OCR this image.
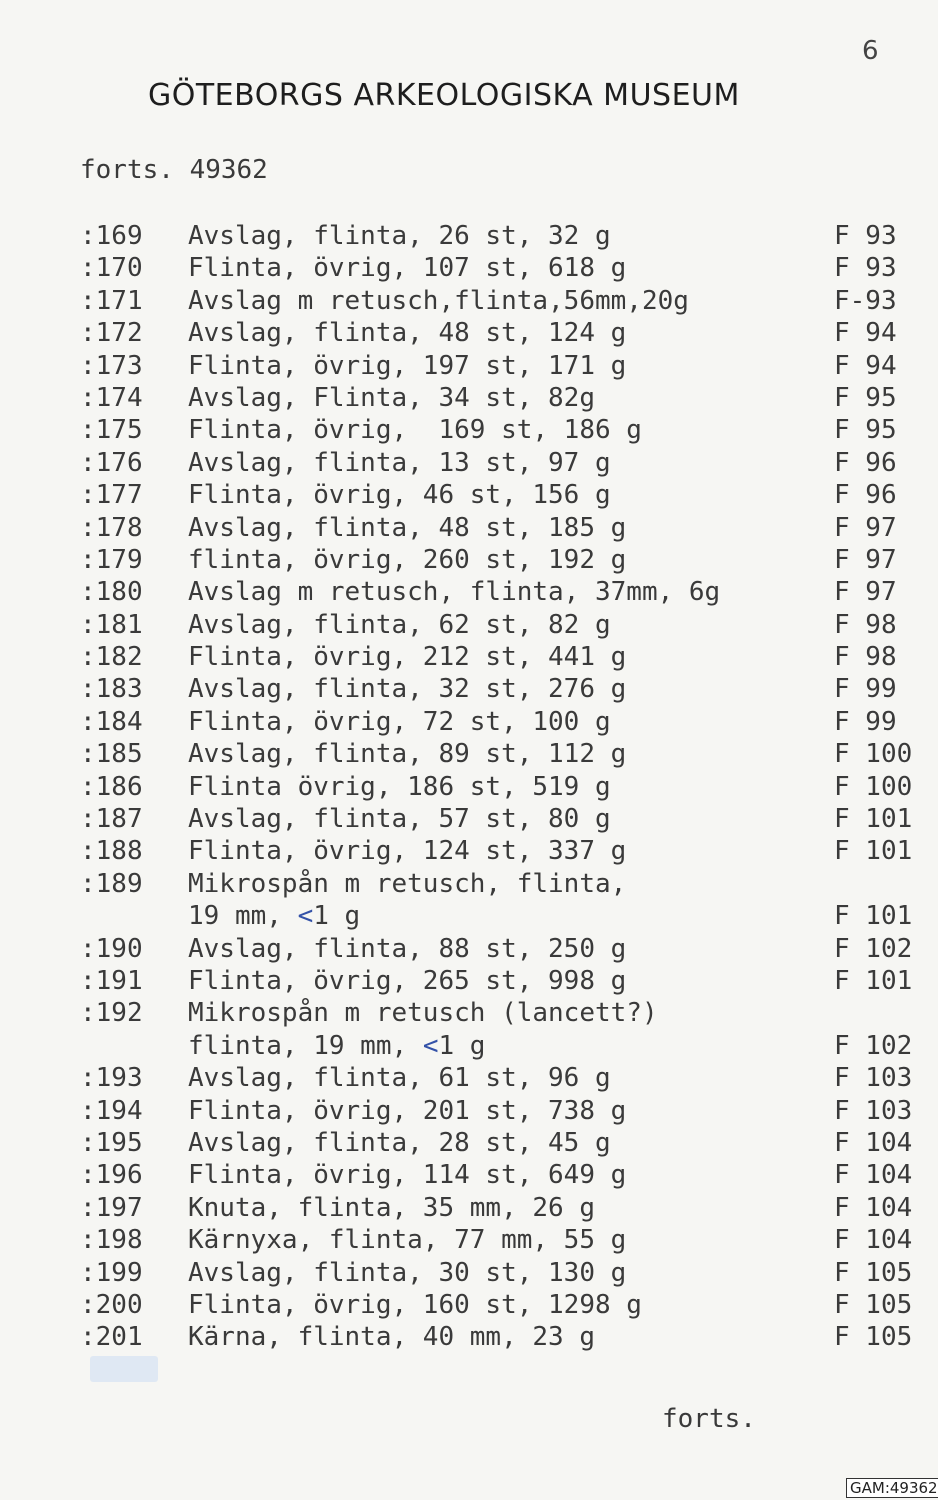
6
GÖTEBORGS ARKEOLOGISKA MUSEUM
forts. 49362
:169 Avslag, flinta, 26 st, 32 g	F 93
:170 Flinta, övrig, 107 st, 618 g	F 93
:171 Avslag m retusch,flinta,56mm,20g	F-93
:172 Avslag, flinta, 48 st, 124 g	F 94
:173 Flinta, övrig, 197 st, 171 g	F 94
:174 Avslag, Flinta, 34 st, 82g	F 95
:175 Flinta, övrig,  169 st, 186 g	F 95
:176 Avslag, flinta, 13 st, 97 g	F 96
:177 Flinta, övrig, 46 st, 156 g	F 96
:178 Avslag, flinta, 48 st, 185 g	F 97
:179 flinta, övrig, 260 st, 192 g	F 97
:180 Avslag m retusch, flinta, 37mm, 6g	F 97
:181 Avslag, flinta, 62 st, 82 g	F 98
:182 Flinta, övrig, 212 st, 441 g	F 98
:183 Avslag, flinta, 32 st, 276 g	F 99
:184 Flinta, övrig, 72 st, 100 g	F 99
:185 Avslag, flinta, 89 st, 112 g	F 100
:186 Flinta övrig, 186 st, 519 g	F 100
:187 Avslag, flinta, 57 st, 80 g	F 101
:188 Flinta, övrig, 124 st, 337 g	F 101
:189 Mikrospån m retusch, flinta,
19 mm, <1 g	F 101
:190 Avslag, flinta, 88 st, 250 g	F 102
:191 Flinta, övrig, 265 st, 998 g	F 101
:192 Mikrospån m retusch (lancett?)
flinta, 19 mm, <1 g	F 102
:193 Avslag, flinta, 61 st, 96 g	F 103
:194 Flinta, övrig, 201 st, 738 g	F 103
:195 Avslag, flinta, 28 st, 45 g	F 104
:196 Flinta, övrig, 114 st, 649 g	F 104
:197 Knuta, flinta, 35 mm, 26 g	F 104
:198 Kärnyxa, flinta, 77 mm, 55 g	F 104
:199 Avslag, flinta, 30 st, 130 g	F 105
:200 Flinta, övrig, 160 st, 1298 g	F 105
:201 Kärna, flinta, 40 mm, 23 g	F 105
forts.
GAM:49362
